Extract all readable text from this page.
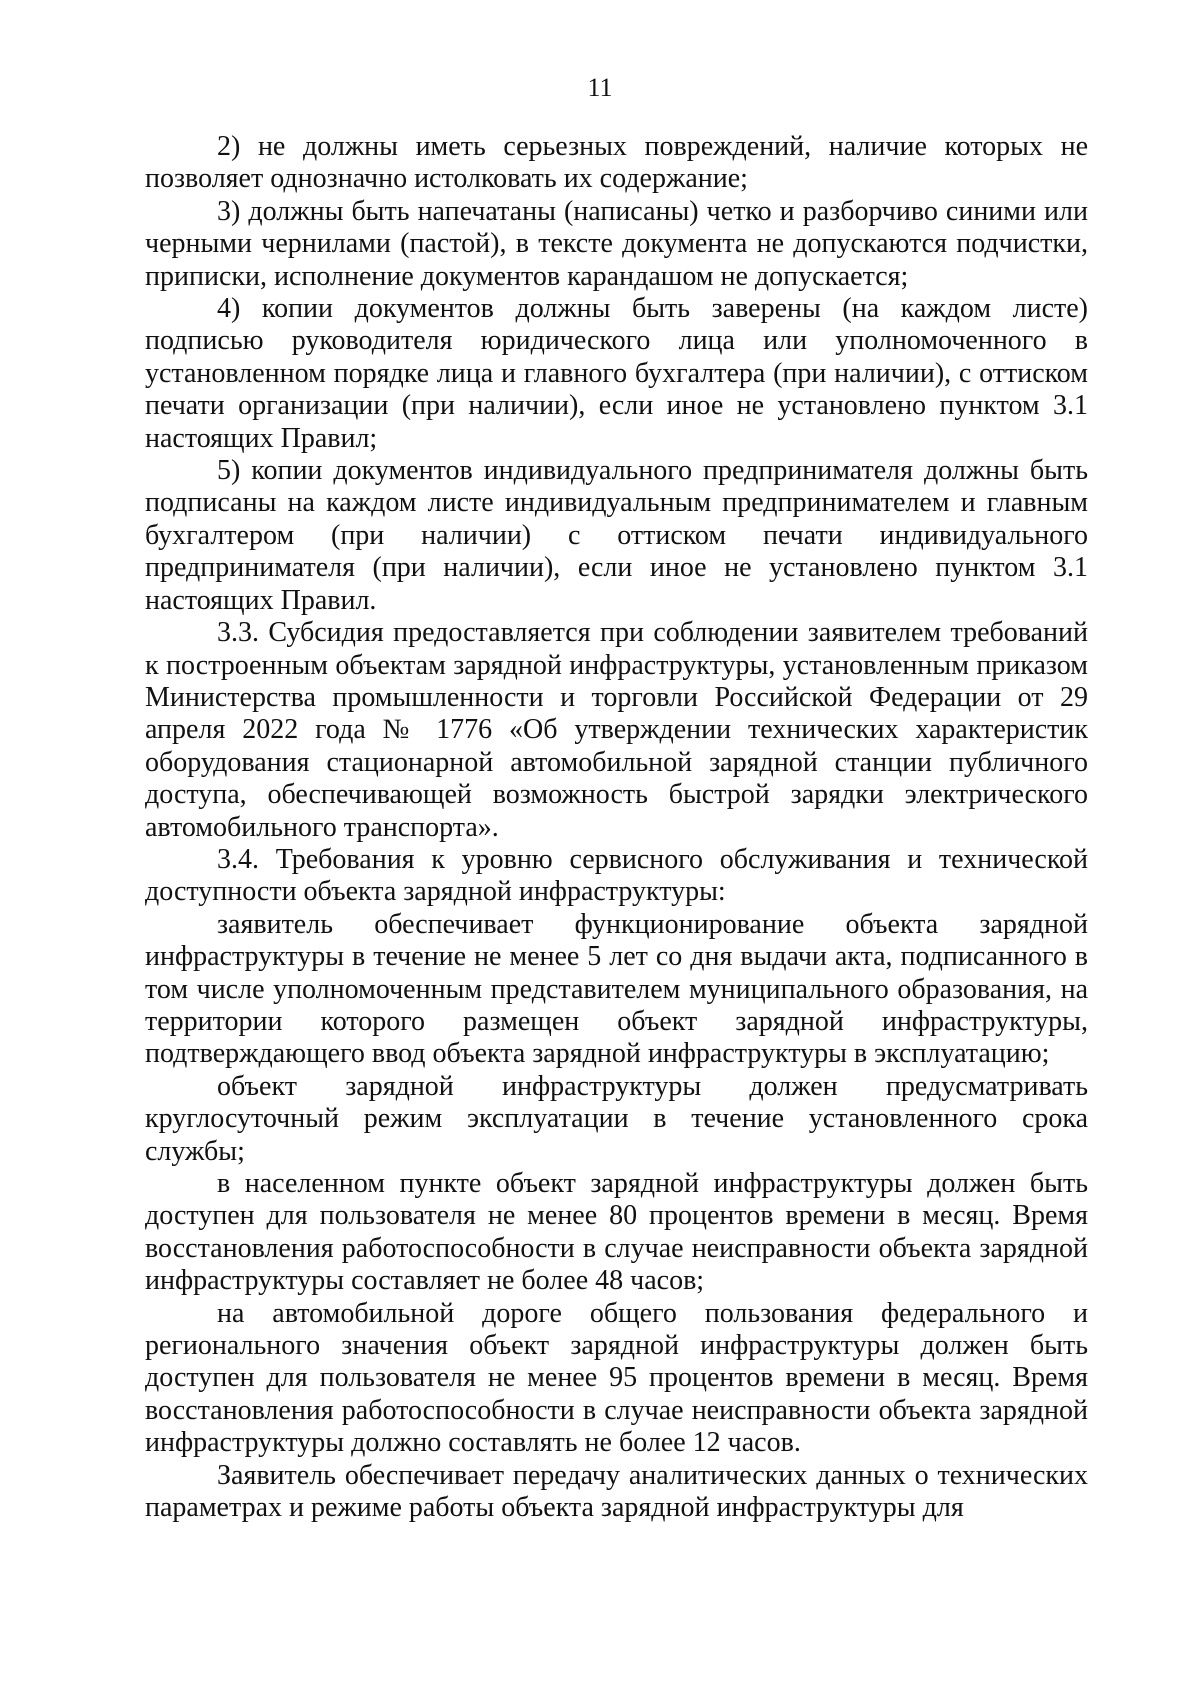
11

2) не должны иметь серьезных повреждений, наличие которых не позволяет однозначно истолковать их содержание;

3) должны быть напечатаны (написаны) четко и разборчиво синими или черными чернилами (пастой), в тексте документа не допускаются подчистки, приписки, исполнение документов карандашом не допускается;

4) копии документов должны быть заверены (на каждом листе) подписью руководителя юридического лица или уполномоченного в установленном порядке лица и главного бухгалтера (при наличии), с оттиском печати организации (при наличии), если иное не установлено пунктом 3.1 настоящих Правил;

5) копии документов индивидуального предпринимателя должны быть подписаны на каждом листе индивидуальным предпринимателем и главным бухгалтером (при наличии) с оттиском печати индивидуального предпринимателя (при наличии), если иное не установлено пунктом 3.1 настоящих Правил.

3.3. Субсидия предоставляется при соблюдении заявителем требований к построенным объектам зарядной инфраструктуры, установленным приказом Министерства промышленности и торговли Российской Федерации от 29 апреля 2022 года № 1776 «Об утверждении технических характеристик оборудования стационарной автомобильной зарядной станции публичного доступа, обеспечивающей возможность быстрой зарядки электрического автомобильного транспорта».

3.4. Требования к уровню сервисного обслуживания и технической доступности объекта зарядной инфраструктуры:

заявитель обеспечивает функционирование объекта зарядной инфраструктуры в течение не менее 5 лет со дня выдачи акта, подписанного в том числе уполномоченным представителем муниципального образования, на территории которого размещен объект зарядной инфраструктуры, подтверждающего ввод объекта зарядной инфраструктуры в эксплуатацию;

объект зарядной инфраструктуры должен предусматривать круглосуточный режим эксплуатации в течение установленного срока службы;

в населенном пункте объект зарядной инфраструктуры должен быть доступен для пользователя не менее 80 процентов времени в месяц. Время восстановления работоспособности в случае неисправности объекта зарядной инфраструктуры составляет не более 48 часов;

на автомобильной дороге общего пользования федерального и регионального значения объект зарядной инфраструктуры должен быть доступен для пользователя не менее 95 процентов времени в месяц. Время восстановления работоспособности в случае неисправности объекта зарядной инфраструктуры должно составлять не более 12 часов.

Заявитель обеспечивает передачу аналитических данных о технических параметрах и режиме работы объекта зарядной инфраструктуры для
